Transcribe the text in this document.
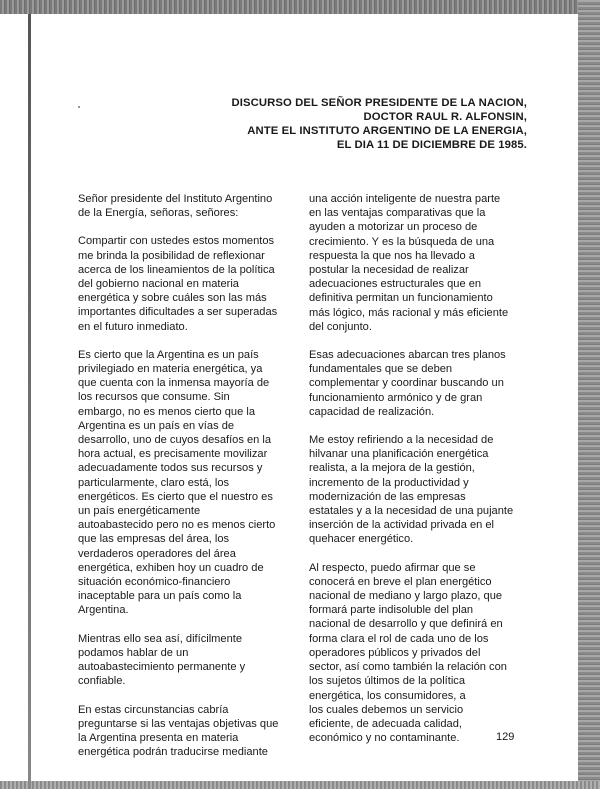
DISCURSO DEL SEÑOR PRESIDENTE DE LA NACION,
DOCTOR RAUL R. ALFONSIN,
ANTE EL INSTITUTO ARGENTINO DE LA ENERGIA,
EL DIA 11 DE DICIEMBRE DE 1985.

Señor presidente del Instituto Argentino
de la Energía, señoras, señores:

Compartir con ustedes estos momentos
me brinda la posibilidad de reflexionar
acerca de los lineamientos de la política
del gobierno nacional en materia
energética y sobre cuáles son las más
importantes dificultades a ser superadas
en el futuro inmediato.

Es cierto que la Argentina es un país
privilegiado en materia energética, ya
que cuenta con la inmensa mayoría de
los recursos que consume. Sin
embargo, no es menos cierto que la
Argentina es un país en vías de
desarrollo, uno de cuyos desafíos en la
hora actual, es precisamente movilizar
adecuadamente todos sus recursos y
particularmente, claro está, los
energéticos. Es cierto que el nuestro es
un país energéticamente
autoabastecido pero no es menos cierto
que las empresas del área, los
verdaderos operadores del área
energética, exhiben hoy un cuadro de
situación económico-financiero
inaceptable para un país como la
Argentina.

Mientras ello sea así, difícilmente
podamos hablar de un
autoabastecimiento permanente y
confiable.

En estas circunstancias cabría
preguntarse si las ventajas objetivas que
la Argentina presenta en materia
energética podrán traducirse mediante

una acción inteligente de nuestra parte
en las ventajas comparativas que la
ayuden a motorizar un proceso de
crecimiento. Y es la búsqueda de una
respuesta la que nos ha llevado a
postular la necesidad de realizar
adecuaciones estructurales que en
definitiva permitan un funcionamiento
más lógico, más racional y más eficiente
del conjunto.

Esas adecuaciones abarcan tres planos
fundamentales que se deben
complementar y coordinar buscando un
funcionamiento armónico y de gran
capacidad de realización.

Me estoy refiriendo a la necesidad de
hilvanar una planificación energética
realista, a la mejora de la gestión,
incremento de la productividad y
modernización de las empresas
estatales y a la necesidad de una pujante
inserción de la actividad privada en el
quehacer energético.

Al respecto, puedo afirmar que se
conocerá en breve el plan energético
nacional de mediano y largo plazo, que
formará parte indisoluble del plan
nacional de desarrollo y que definirá en
forma clara el rol de cada uno de los
operadores públicos y privados del
sector, así como también la relación con
los sujetos últimos de la política
energética, los consumidores, a
los cuales debemos un servicio
eficiente, de adecuada calidad,
económico y no contaminante.	129
